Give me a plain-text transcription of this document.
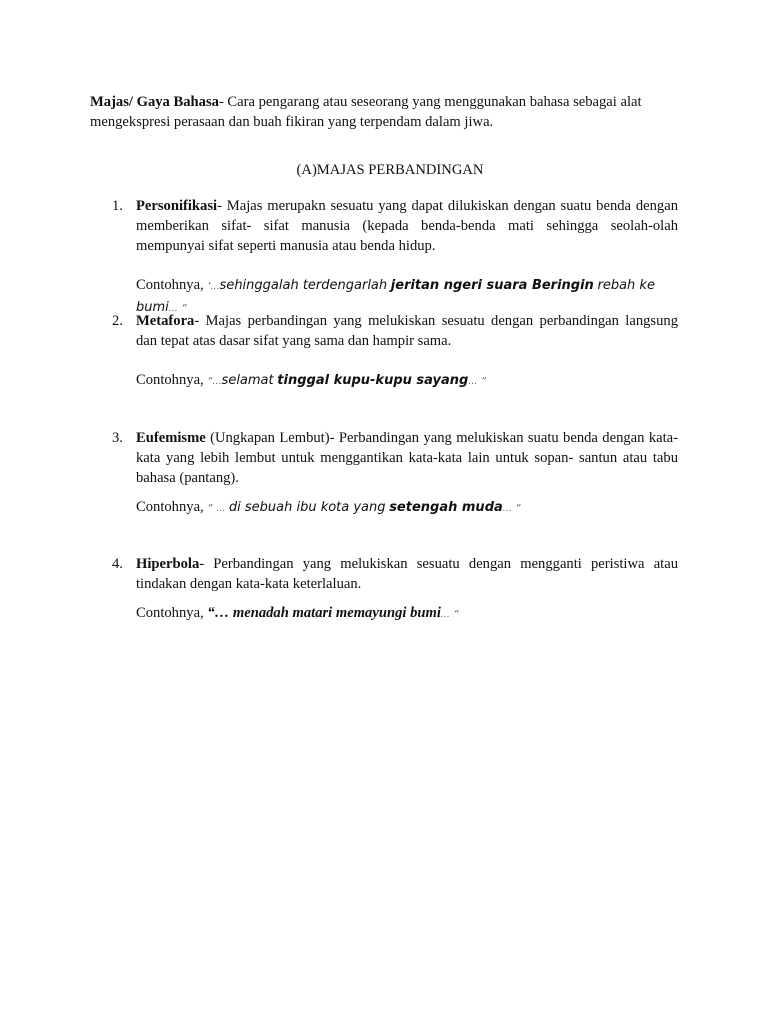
Majas/ Gaya Bahasa- Cara pengarang atau seseorang yang menggunakan bahasa sebagai alat mengekspresi perasaan dan buah fikiran yang terpendam dalam jiwa.
(A)MAJAS PERBANDINGAN
1. Personifikasi- Majas merupakn sesuatu yang dapat dilukiskan dengan suatu benda dengan memberikan sifat- sifat manusia (kepada benda-benda mati sehingga seolah-olah mempunyai sifat seperti manusia atau benda hidup.
Contohnya, ‘…sehinggalah terdengarlah jeritan ngeri suara Beringin rebah ke bumi… “
2. Metafora- Majas perbandingan yang melukiskan sesuatu dengan perbandingan langsung dan tepat atas dasar sifat yang sama dan hampir sama.
Contohnya, “…selamat tinggal kupu-kupu sayang… “
3. Eufemisme (Ungkapan Lembut)- Perbandingan yang melukiskan suatu benda dengan kata- kata yang lebih lembut untuk menggantikan kata-kata lain untuk sopan- santun atau tabu bahasa (pantang).
Contohnya, “ … di sebuah ibu kota yang setengah muda… “
4. Hiperbola- Perbandingan yang melukiskan sesuatu dengan mengganti peristiwa atau tindakan dengan kata-kata keterlaluan.
Contohnya, “… menadah matari memayungi bumi… “
